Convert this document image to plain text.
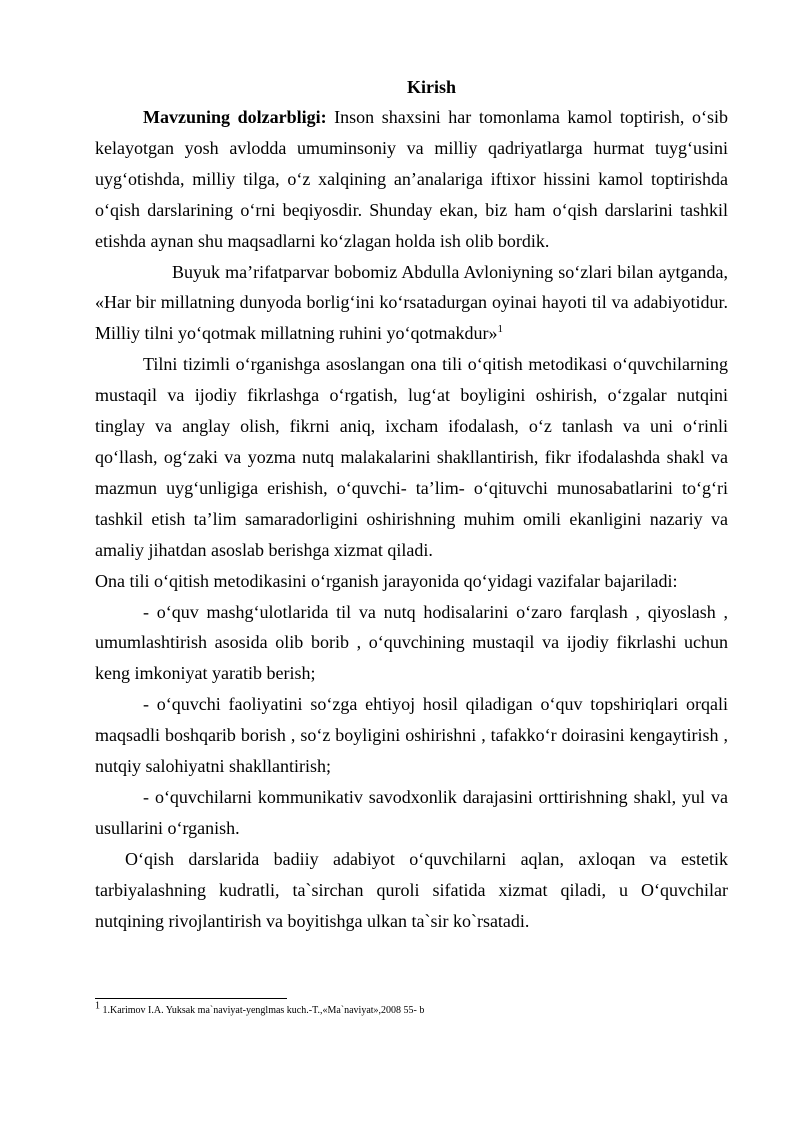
Kirish

Mavzuning dolzarbligi: Inson shaxsini har tomonlama kamol toptirish, o‘sib kelayotgan yosh avlodda umuminsoniy va milliy qadriyatlarga hurmat tuyg‘usini uyg‘otishda, milliy tilga, o‘z xalqining an’analariga iftixor hissini kamol toptirishda o‘qish darslarining o‘rni beqiyosdir. Shunday ekan, biz ham o‘qish darslarini tashkil etishda aynan shu maqsadlarni ko‘zlagan holda ish olib bordik.

Buyuk ma’rifatparvar bobomiz Abdulla Avloniyning so‘zlari bilan aytganda, «Har bir millatning dunyoda borlig‘ini ko‘rsatadurgan oyinai hayoti til va adabiyotidur. Milliy tilni yo‘qotmak millatning ruhini yo‘qotmakdur»$^1$

Tilni tizimli o‘rganishga asoslangan ona tili o‘qitish metodikasi o‘quvchilarning mustaqil va ijodiy fikrlashga o‘rgatish, lug‘at boyligini oshirish, o‘zgalar nutqini tinglay va anglay olish, fikrni aniq, ixcham ifodalash, o‘z tanlash va uni o‘rinli qo‘llash, og‘zaki va yozma nutq malakalarini shakllantirish, fikr ifodalashda shakl va mazmun uyg‘unligiga erishish, o‘quvchi- ta’lim- o‘qituvchi munosabatlarini to‘g‘ri tashkil etish ta’lim samaradorligini oshirishning muhim omili ekanligini nazariy va amaliy jihatdan asoslab berishga xizmat qiladi.

Ona tili o‘qitish metodikasini o‘rganish jarayonida qo‘yidagi vazifalar bajariladi:

- o‘quv mashg‘ulotlarida til va nutq hodisalarini o‘zaro farqlash , qiyoslash , umumlashtirish asosida olib borib , o‘quvchining mustaqil va ijodiy fikrlashi uchun keng imkoniyat yaratib berish;

- o‘quvchi faoliyatini so‘zga ehtiyoj hosil qiladigan o‘quv topshiriqlari orqali maqsadli boshqarib borish , so‘z boyligini oshirishni , tafakko‘r doirasini kengaytirish , nutqiy salohiyatni shakllantirish;

- o‘quvchilarni kommunikativ savodxonlik darajasini orttirishning shakl, yul va usullarini o‘rganish.

O‘qish darslarida badiiy adabiyot o‘quvchilarni aqlan, axloqan va estetik tarbiyalashning kudratli, ta`sirchan quroli sifatida xizmat qiladi, u O‘quvchilar nutqining rivojlantirish va boyitishga ulkan ta`sir ko`rsatadi.

$^1$ 1.Karimov I.A. Yuksak ma`naviyat-yenglmas kuch.-T.,«Ma`naviyat»,2008 55- b
